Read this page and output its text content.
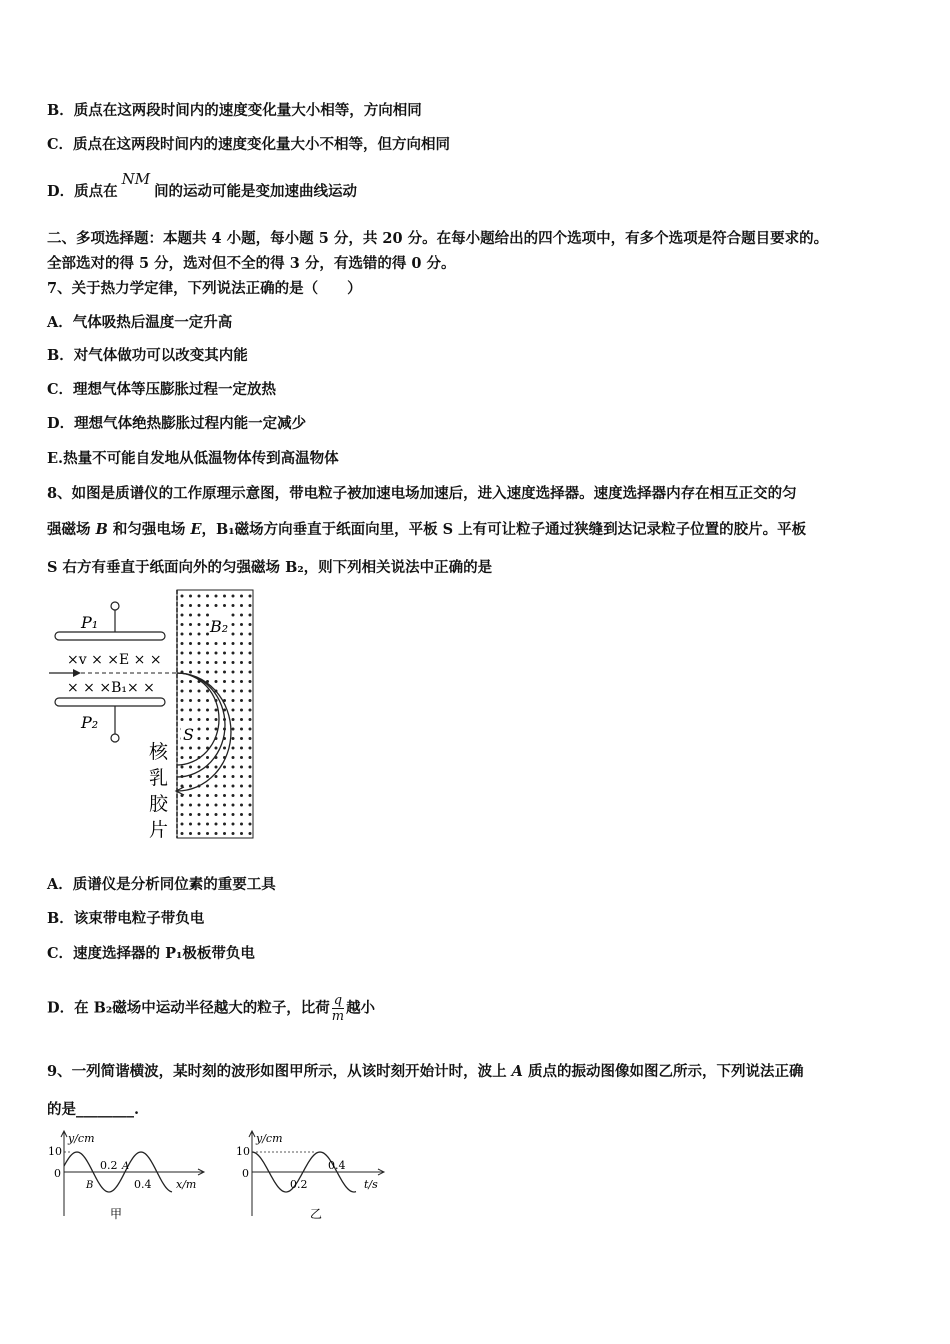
B．质点在这两段时间内的速度变化量大小相等，方向相同
C．质点在这两段时间内的速度变化量大小不相等，但方向相同
D．质点在NM间的运动可能是变加速曲线运动
二、多项选择题：本题共 4 小题，每小题 5 分，共 20 分。在每小题给出的四个选项中，有多个选项是符合题目要求的。
全部选对的得 5 分，选对但不全的得 3 分，有选错的得 0 分。
7、关于热力学定律，下列说法正确的是（　　）
A．气体吸热后温度一定升高
B．对气体做功可以改变其内能
C．理想气体等压膨胀过程一定放热
D．理想气体绝热膨胀过程内能一定减少
E.热量不可能自发地从低温物体传到高温物体
8、如图是质谱仪的工作原理示意图，带电粒子被加速电场加速后，进入速度选择器。速度选择器内存在相互正交的匀
强磁场 B 和匀强电场 E，B₁磁场方向垂直于纸面向里，平板 S 上有可让粒子通过狭缝到达记录粒子位置的胶片。平板
S 右方有垂直于纸面向外的匀强磁场 B₂，则下列相关说法中正确的是
P₁
P₂
×v × ×E × ×
× × ×B₁× ×
B₂
S
核
乳
胶
片
A．质谱仪是分析同位素的重要工具
B．该束带电粒子带负电
C．速度选择器的 P₁极板带负电
D．在 B₂磁场中运动半径越大的粒子，比荷 $\frac{q}{m}$ 越小
9、一列简谐横波，某时刻的波形如图甲所示，从该时刻开始计时，波上 A 质点的振动图像如图乙所示，下列说法正确
的是________.
y/cm
10
0
0.2
0.4
A
B	x/m
甲
y/cm
10
0
0.2
0.4
t/s
乙
